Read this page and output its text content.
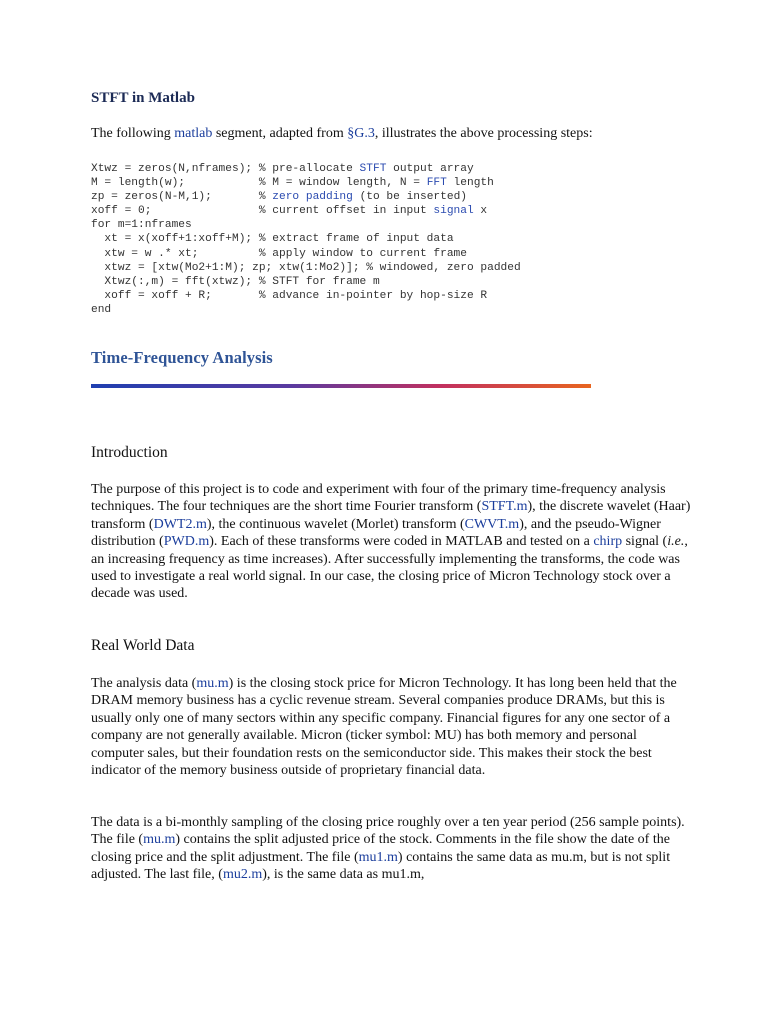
STFT in Matlab
The following matlab segment, adapted from §G.3, illustrates the above processing steps:
Xtwz = zeros(N,nframes); % pre-allocate STFT output array
M = length(w);           % M = window length, N = FFT length
zp = zeros(N-M,1);       % zero padding (to be inserted)
xoff = 0;                % current offset in input signal x
for m=1:nframes
xt = x(xoff+1:xoff+M); % extract frame of input data
xtw = w .* xt;         % apply window to current frame
xtwz = [xtw(Mo2+1:M); zp; xtw(1:Mo2)]; % windowed, zero padded
Xtwz(:,m) = fft(xtwz); % STFT for frame m
xoff = xoff + R;       % advance in-pointer by hop-size R
end
Time-Frequency Analysis
Introduction
The purpose of this project is to code and experiment with four of the primary time-frequency analysis techniques. The four techniques are the short time Fourier transform (STFT.m), the discrete wavelet (Haar) transform (DWT2.m), the continuous wavelet (Morlet) transform (CWVT.m), and the pseudo-Wigner distribution (PWD.m). Each of these transforms were coded in MATLAB and tested on a chirp signal (i.e., an increasing frequency as time increases). After successfully implementing the transforms, the code was used to investigate a real world signal. In our case, the closing price of Micron Technology stock over a decade was used.
Real World Data
The analysis data (mu.m) is the closing stock price for Micron Technology. It has long been held that the DRAM memory business has a cyclic revenue stream. Several companies produce DRAMs, but this is usually only one of many sectors within any specific company. Financial figures for any one sector of a company are not generally available. Micron (ticker symbol: MU) has both memory and personal computer sales, but their foundation rests on the semiconductor side. This makes their stock the best indicator of the memory business outside of proprietary financial data.
The data is a bi-monthly sampling of the closing price roughly over a ten year period (256 sample points). The file (mu.m) contains the split adjusted price of the stock. Comments in the file show the date of the closing price and the split adjustment. The file (mu1.m) contains the same data as mu.m, but is not split adjusted. The last file, (mu2.m), is the same data as mu1.m,
